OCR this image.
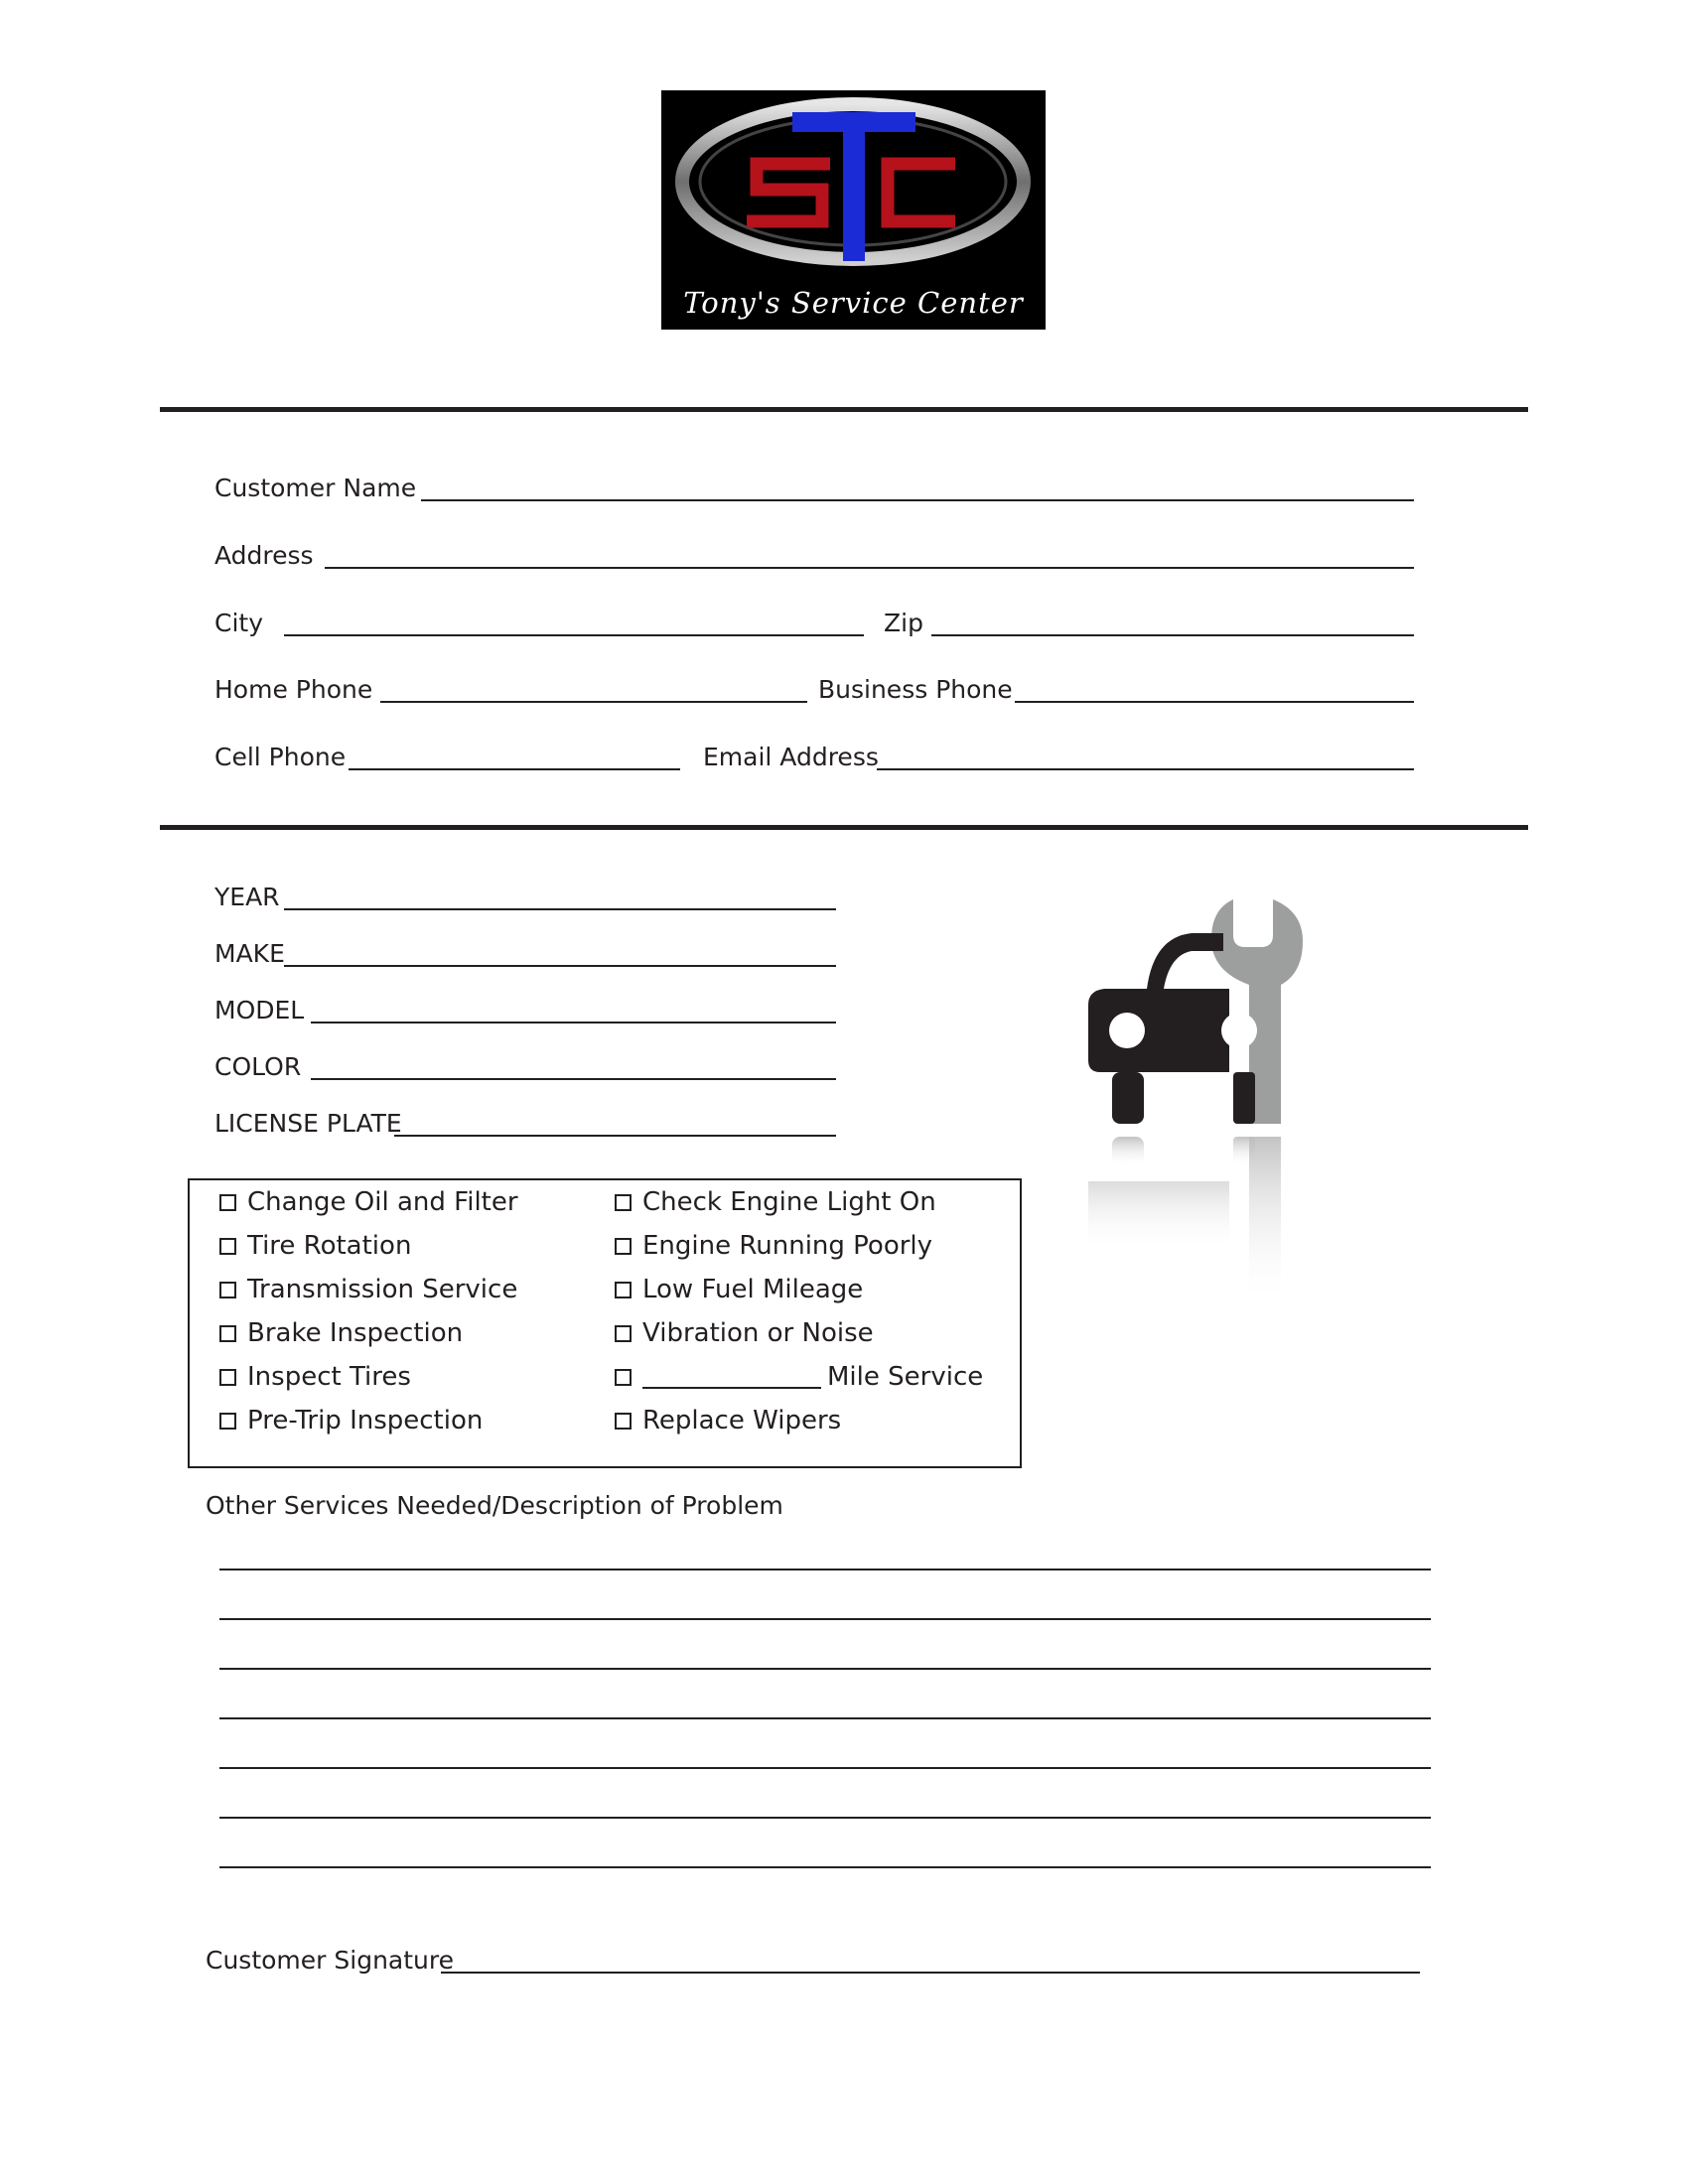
Tony's Service Center
Customer Name
Address
City	Zip
Home Phone	Business Phone
Cell Phone	Email Address
YEAR
MAKE
MODEL
COLOR
LICENSE PLATE
Change Oil and Filter
Tire Rotation
Transmission Service
Brake Inspection
Inspect Tires
Pre-Trip Inspection
Check Engine Light On
Engine Running Poorly
Low Fuel Mileage
Vibration or Noise
Mile Service
Replace Wipers
Other Services Needed/Description of Problem
Customer Signature
